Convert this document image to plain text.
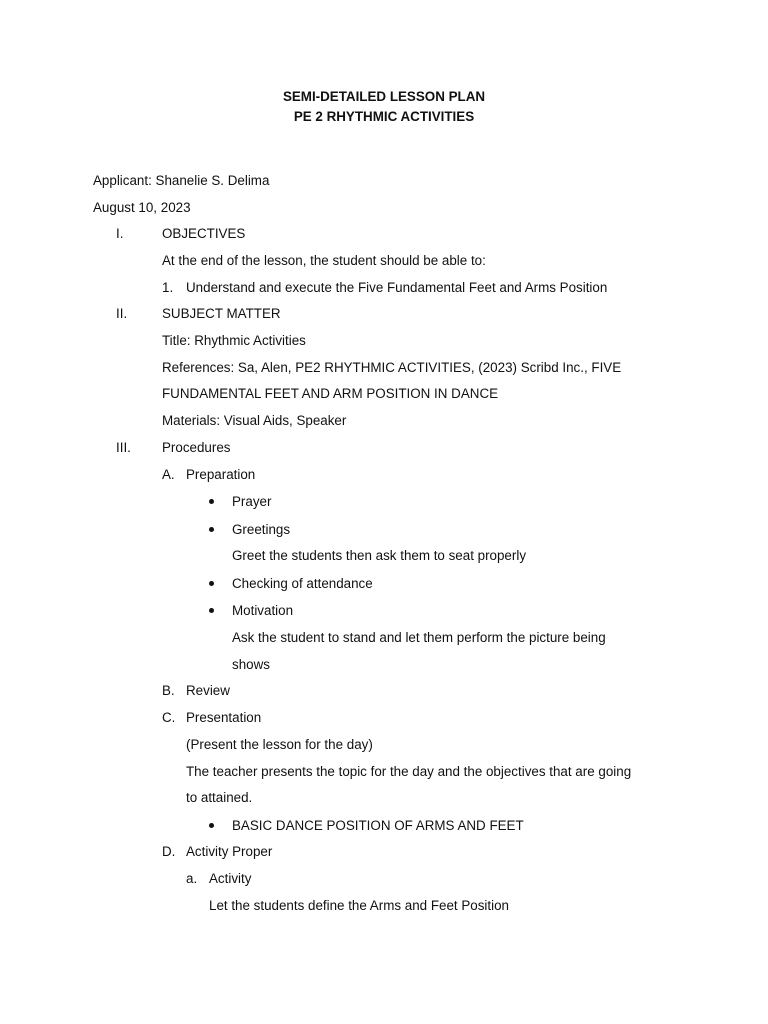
SEMI-DETAILED LESSON PLAN
PE 2 RHYTHMIC ACTIVITIES
Applicant: Shanelie S. Delima
August 10, 2023
I.	OBJECTIVES
At the end of the lesson, the student should be able to:
1. Understand and execute the Five Fundamental Feet and Arms Position
II.	SUBJECT MATTER
Title: Rhythmic Activities
References: Sa, Alen, PE2 RHYTHMIC ACTIVITIES, (2023) Scribd Inc., FIVE
FUNDAMENTAL FEET AND ARM POSITION IN DANCE
Materials: Visual Aids, Speaker
III. Procedures
A. Preparation
Prayer
Greetings
Greet the students then ask them to seat properly
Checking of attendance
Motivation
Ask the student to stand and let them perform the picture being
shows
B. Review
C. Presentation
(Present the lesson for the day)
The teacher presents the topic for the day and the objectives that are going
to attained.
BASIC DANCE POSITION OF ARMS AND FEET
D. Activity Proper
a. Activity
Let the students define the Arms and Feet Position
